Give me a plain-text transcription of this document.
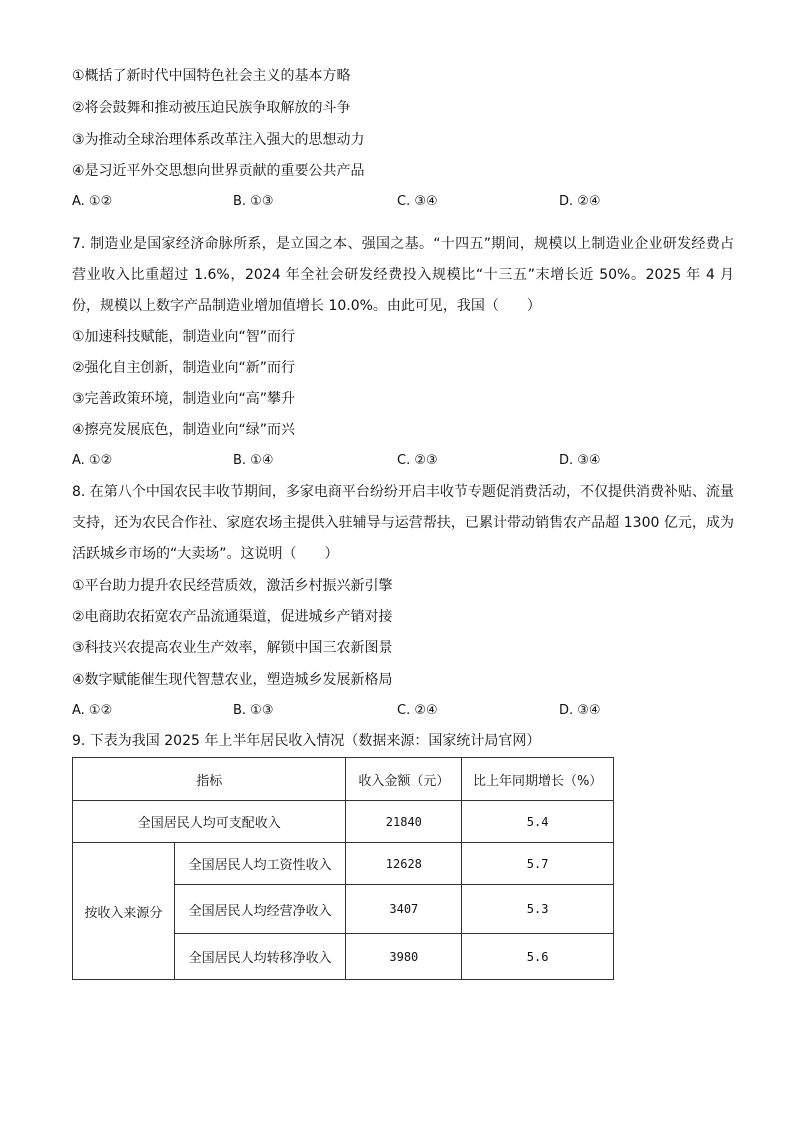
①概括了新时代中国特色社会主义的基本方略
②将会鼓舞和推动被压迫民族争取解放的斗争
③为推动全球治理体系改革注入强大的思想动力
④是习近平外交思想向世界贡献的重要公共产品
A. ①②	B. ①③	C. ③④	D. ②④
7. 制造业是国家经济命脉所系，是立国之本、强国之基。“十四五”期间，规模以上制造业企业研发经费占营业收入比重超过 1.6%，2024 年全社会研发经费投入规模比“十三五”末增长近 50%。2025 年 4 月份，规模以上数字产品制造业增加值增长 10.0%。由此可见，我国（　　）
①加速科技赋能，制造业向“智”而行
②强化自主创新，制造业向“新”而行
③完善政策环境，制造业向“高”攀升
④擦亮发展底色，制造业向“绿”而兴
A. ①②	B. ①④	C. ②③	D. ③④
8. 在第八个中国农民丰收节期间，多家电商平台纷纷开启丰收节专题促消费活动，不仅提供消费补贴、流量支持，还为农民合作社、家庭农场主提供入驻辅导与运营帮扶，已累计带动销售农产品超 1300 亿元，成为活跃城乡市场的“大卖场”。这说明（　　）
①平台助力提升农民经营质效，激活乡村振兴新引擎
②电商助农拓宽农产品流通渠道，促进城乡产销对接
③科技兴农提高农业生产效率，解锁中国三农新图景
④数字赋能催生现代智慧农业，塑造城乡发展新格局
A. ①②	B. ①③	C. ②④	D. ③④
9. 下表为我国 2025 年上半年居民收入情况（数据来源：国家统计局官网）
指标		收入金额（元）	比上年同期增长（%）
全国居民人均可支配收入		21840	5.4
按收入来源分	全国居民人均工资性收入	12628	5.7
	全国居民人均经营净收入	3407	5.3
	全国居民人均转移净收入	3980	5.6
